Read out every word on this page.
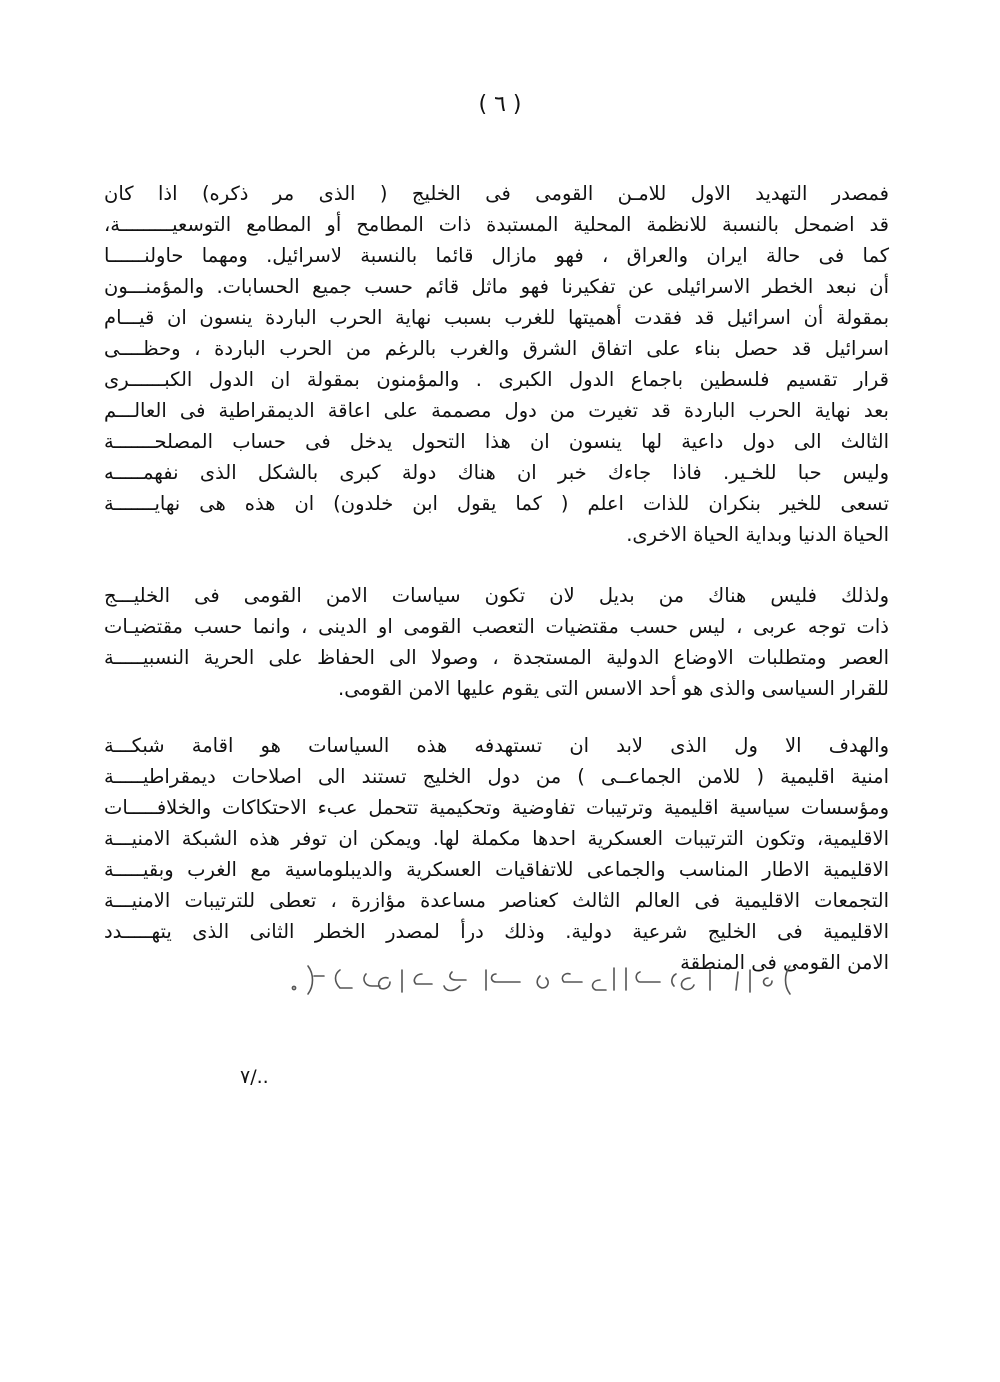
( ٦ )
فمصدر التهديد الاول للامـن القومى فى الخليج ( الذى مر ذكره) اذا كان
قد اضمحل بالنسبة للانظمة المحلية المستبدة ذات المطامح أو المطامع التوسعيـــــــــة،
كما فى حالة ايران والعراق ، فهو مازال قائما بالنسبة لاسرائيل. ومهما حاولنــــــا
أن نبعد الخطر الاسرائيلى عن تفكيرنا فهو ماثل قائم حسب جميع الحسابات. والمؤمنـــون
بمقولة أن اسرائيل قد فقدت أهميتها للغرب بسبب نهاية الحرب الباردة ينسون ان قيـــام
اسرائيل قد حصل بناء على اتفاق الشرق والغرب بالرغم من الحرب الباردة ، وحظــــى
قرار تقسيم فلسطين باجماع الدول الكبرى . والمؤمنون بمقولة ان الدول الكبــــــرى
بعد نهاية الحرب الباردة قد تغيرت من دول مصممة على اعاقة الديمقراطية فى العالـــم
الثالث الى دول داعية لها ينسون ان هذا التحول يدخل فى حساب المصلحـــــــة
وليس حبا للخـير. فاذا جاءك خبر ان هناك دولة كبرى بالشكل الذى نفهمـــــه
تسعى للخير بنكران للذات اعلم ( كما يقول ابن خلدون) ان هذه هى نهايـــــــة
الحياة الدنيا وبداية الحياة الاخرى.
ولذلك فليس هناك من بديل لان تكون سياسات الامن القومى فى الخليـــج
ذات توجه عربى ، ليس حسب مقتضيات التعصب القومى او الدينى ، وانما حسب مقتضيـات
العصر ومتطلبات الاوضاع الدولية المستجدة ، وصولا الى الحفاظ على الحرية النسبيـــــة
للقرار السياسى والذى هو أحد الاسس التى يقوم عليها الامن القومى.
والهدف الا ول الذى لابد ان تستهدفه هذه السياسات هو اقامة شبكـــة
امنية اقليمية ( للامن الجماعــى ) من دول الخليج تستند الى اصلاحات ديمقراطيـــــة
ومؤسسات سياسية اقليمية وترتيبات تفاوضية وتحكيمية تتحمل عبء الاحتكاكات والخلافـــــات
الاقليمية، وتكون الترتيبات العسكرية احدها مكملة لها. ويمكن ان توفر هذه الشبكة الامنيـــة
الاقليمية الاطار المناسب والجماعى للاتفاقيات العسكرية والديبلوماسية مع الغرب وبقيـــــة
التجمعات الاقليمية فى العالم الثالث كعناصر مساعدة مؤازرة ، تعطى للترتيبات الامنيـــة
الاقليمية فى الخليج شرعية دولية. وذلك درأ لمصدر الخطر الثانى الذى يتهـــــدد
الامن القومى فى المنطقة
٧/..
